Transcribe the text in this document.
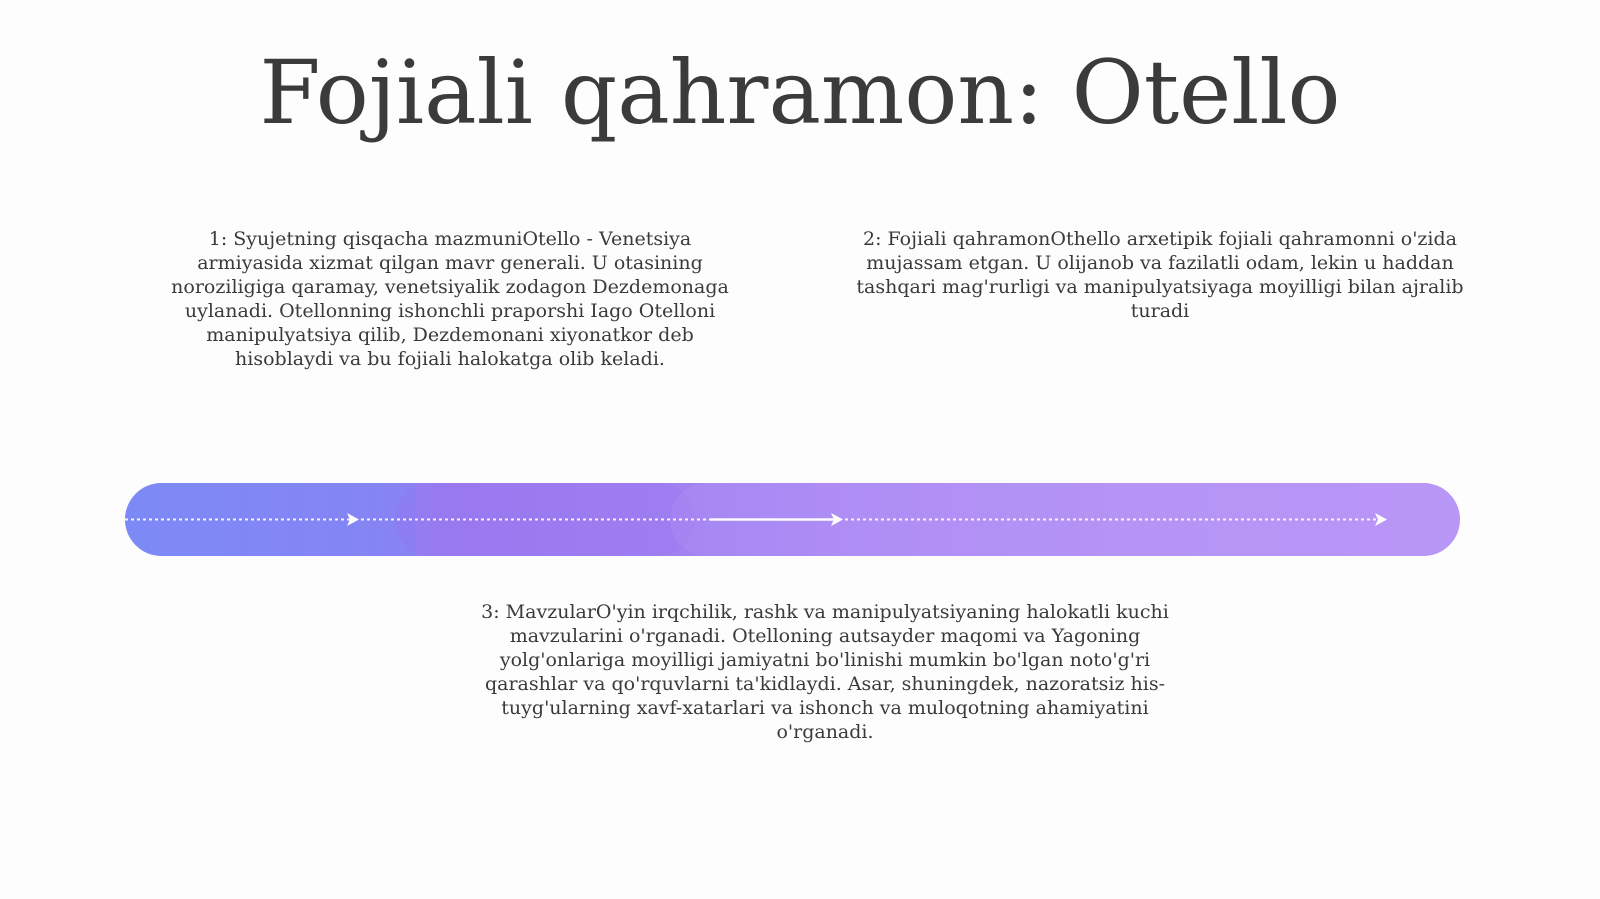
Fojiali qahramon: Otello
1: Syujetning qisqacha mazmuniOtello - Venetsiya armiyasida xizmat qilgan mavr generali. U otasining noroziligiga qaramay, venetsiyalik zodagon Dezdemonaga uylanadi. Otellonning ishonchli praporshi Iago Otelloni manipulyatsiya qilib, Dezdemonani xiyonatkor deb hisoblaydi va bu fojiali halokatga olib keladi.
2: Fojiali qahramonOthello arxetipik fojiali qahramonni o'zida mujassam etgan. U olijanob va fazilatli odam, lekin u haddan tashqari mag'rurligi va manipulyatsiyaga moyilligi bilan ajralib turadi
3: MavzularO'yin irqchilik, rashk va manipulyatsiyaning halokatli kuchi mavzularini o'rganadi. Otelloning autsayder maqomi va Yagoning yolg'onlariga moyilligi jamiyatni bo'linishi mumkin bo'lgan noto'g'ri qarashlar va qo'rquvlarni ta'kidlaydi. Asar, shuningdek, nazoratsiz his-tuyg'ularning xavf-xatarlari va ishonch va muloqotning ahamiyatini o'rganadi.
